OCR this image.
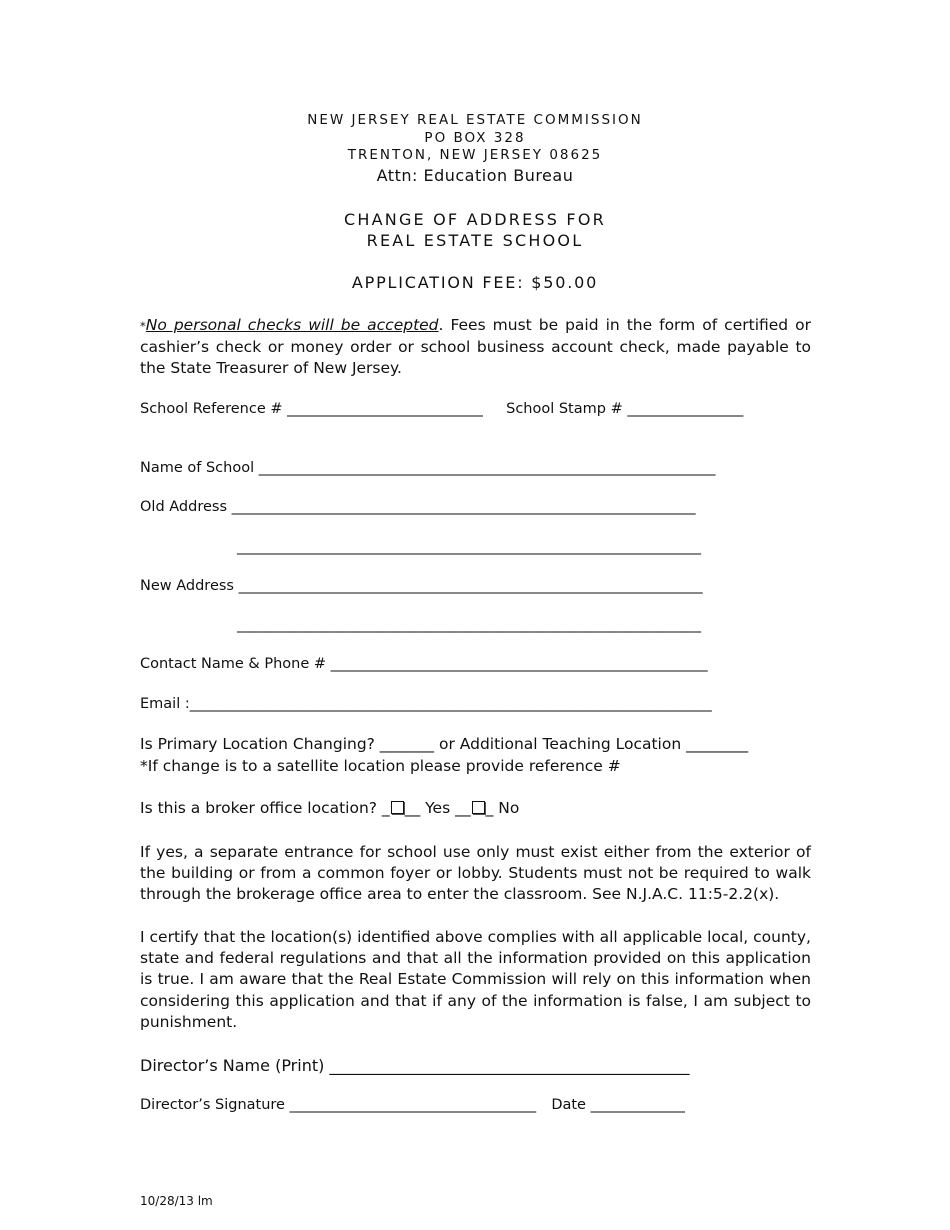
NEW JERSEY REAL ESTATE COMMISSION
PO BOX 328
TRENTON, NEW JERSEY 08625
Attn: Education Bureau
CHANGE OF ADDRESS FOR
REAL ESTATE SCHOOL
APPLICATION FEE: $50.00
*No personal checks will be accepted. Fees must be paid in the form of certified or cashier’s check or money order or school business account check, made payable to the State Treasurer of New Jersey.
School Reference # ___________________________ School Stamp # ________________
Name of School _______________________________________________________________
Old Address ________________________________________________________________
________________________________________________________________
New Address ________________________________________________________________
________________________________________________________________
Contact Name & Phone # ____________________________________________________
Email :________________________________________________________________________
Is Primary Location Changing? _______ or Additional Teaching Location ________
*If change is to a satellite location please provide reference #
Is this a broker office location? _ __ Yes __ _ No
If yes, a separate entrance for school use only must exist either from the exterior of the building or from a common foyer or lobby. Students must not be required to walk through the brokerage office area to enter the classroom. See N.J.A.C. 11:5-2.2(x).
I certify that the location(s) identified above complies with all applicable local, county, state and federal regulations and that all the information provided on this application is true. I am aware that the Real Estate Commission will rely on this information when considering this application and that if any of the information is false, I am subject to punishment.
Director’s Name (Print) _____________________________________________
Director’s Signature __________________________________ Date _____________
10/28/13 lm
